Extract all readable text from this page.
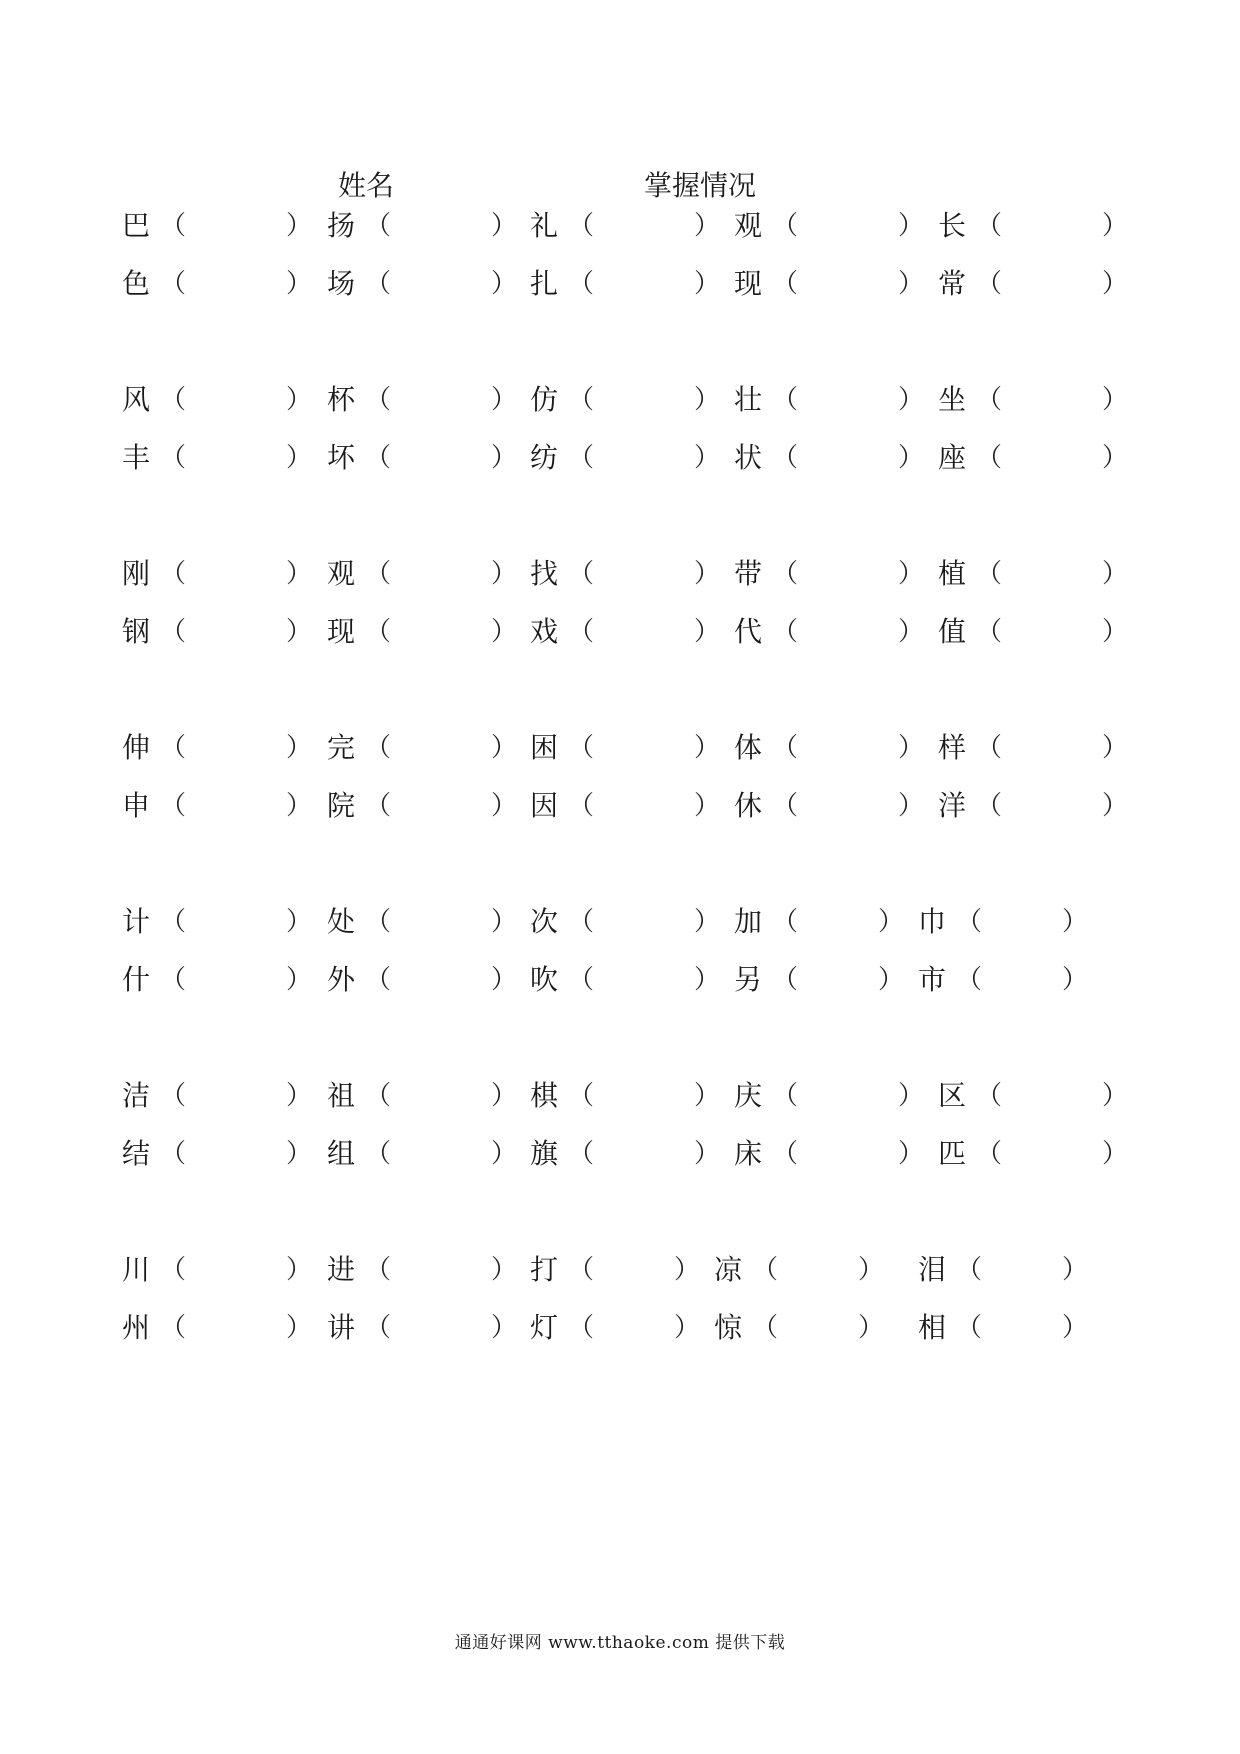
姓名	掌握情况
巴 （	） 扬 （	） 礼 （	） 观 （	） 长 （	）
色 （	） 场 （	） 扎 （	） 现 （	） 常 （	）
风 （	） 杯 （	） 仿 （	） 壮 （	） 坐 （	）
丰 （	） 坏 （	） 纺 （	） 状 （	） 座 （	）
刚 （	） 观 （	） 找 （	） 带 （	） 植 （	）
钢 （	） 现 （	） 戏 （	） 代 （	） 值 （	）
伸 （	） 完 （	） 困 （	） 体 （	） 样 （	）
申 （	） 院 （	） 因 （	） 休 （	） 洋 （	）
计 （	） 处 （	） 次 （	） 加 （	） 巾 （	）
什 （	） 外 （	） 吹 （	） 另 （	） 市 （	）
洁 （	） 祖 （	） 棋 （	） 庆 （	） 区 （	）
结 （	） 组 （	） 旗 （	） 床 （	） 匹 （	）
川 （	） 进 （	） 打 （	） 凉 （	） 泪 （	）
州 （	） 讲 （	） 灯 （	） 惊 （	） 相 （	）
通通好课网 www.tthaoke.com 提供下载
